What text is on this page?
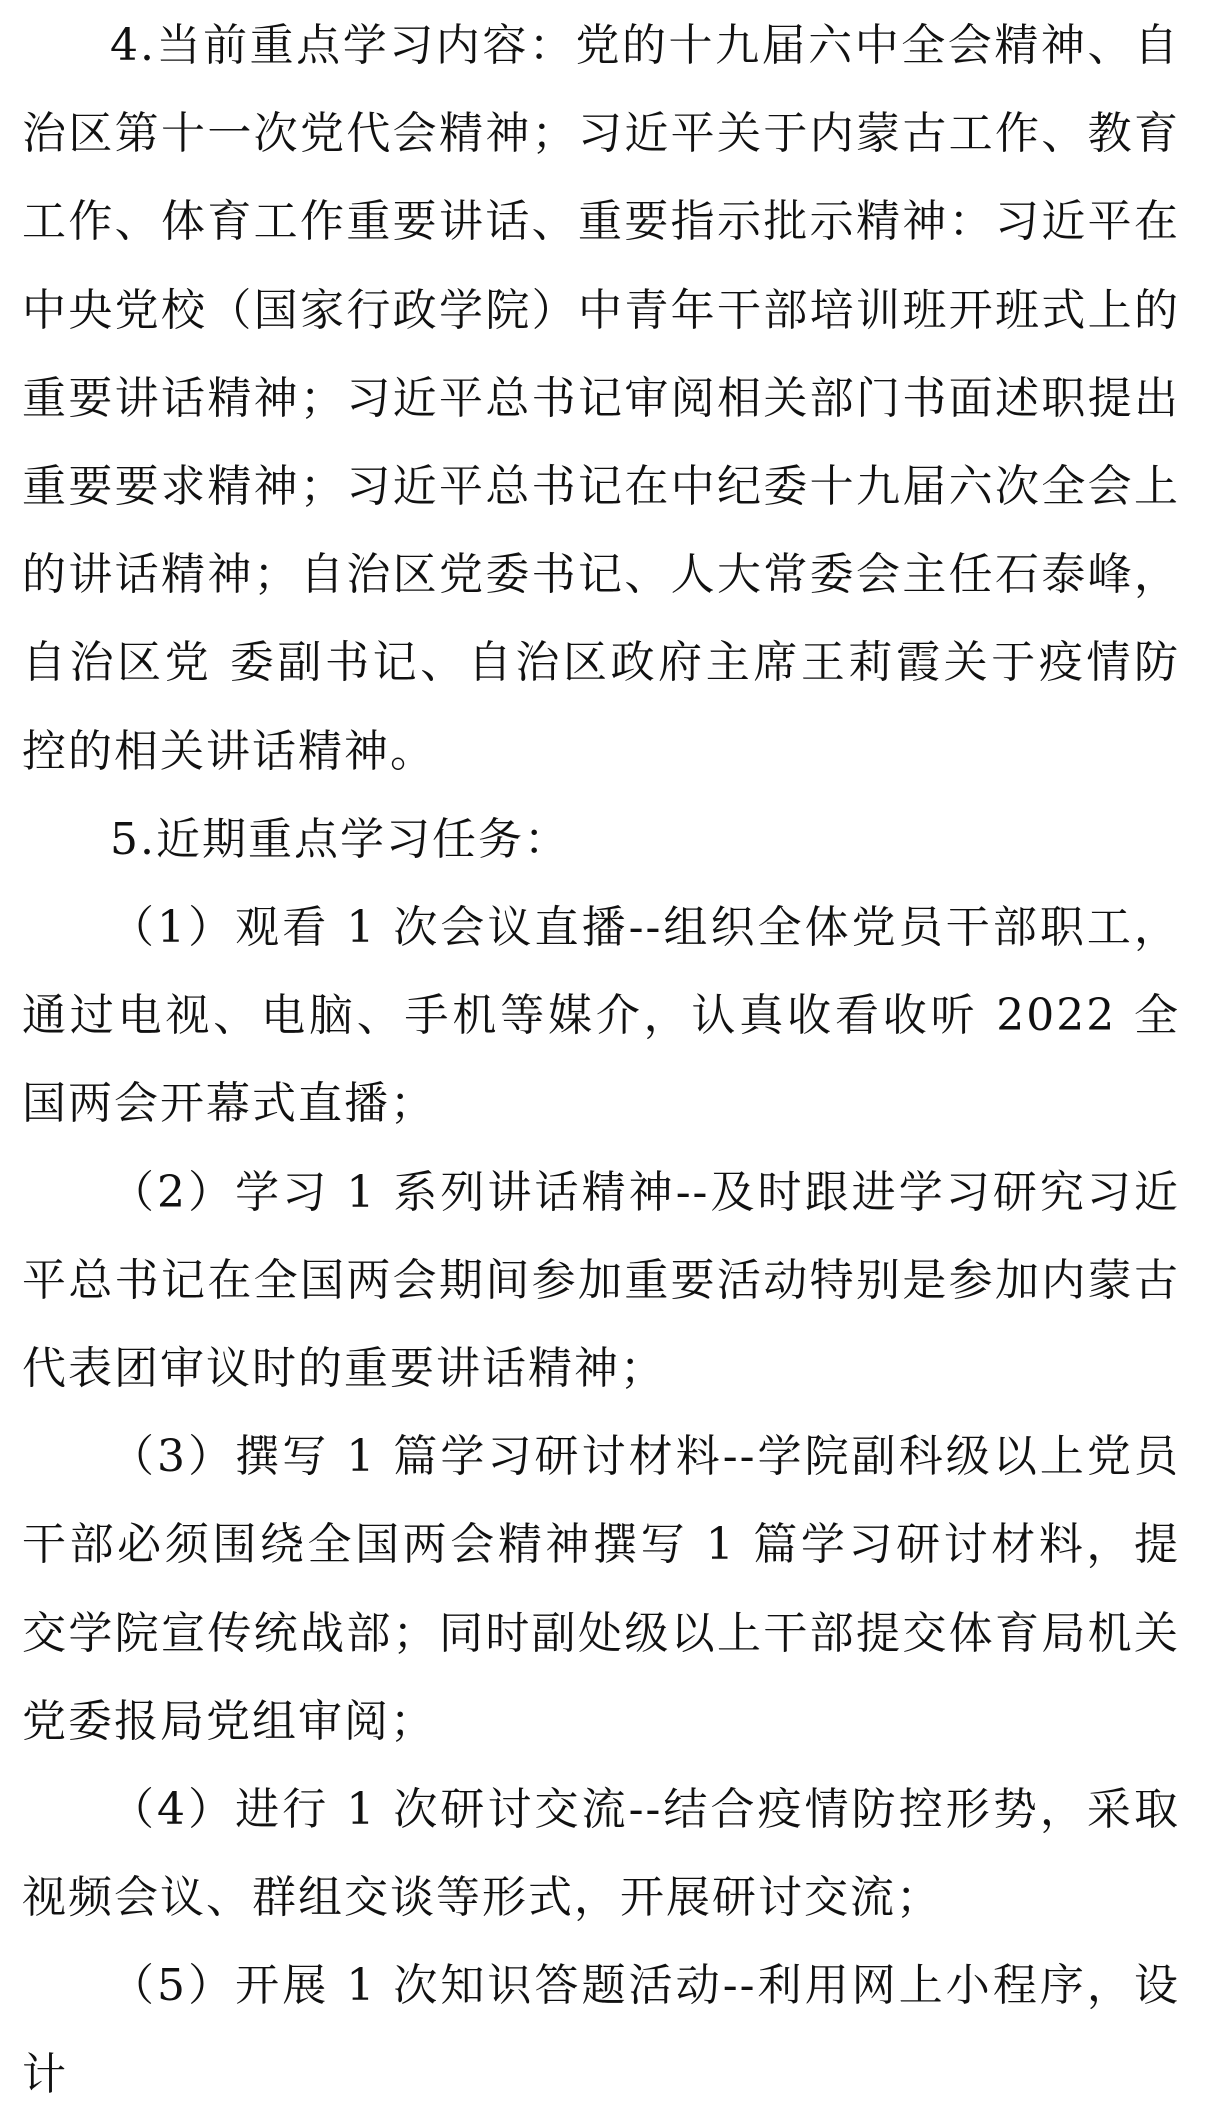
4.当前重点学习内容：党的十九届六中全会精神、自治区第十一次党代会精神；习近平关于内蒙古工作、教育工作、体育工作重要讲话、重要指示批示精神：习近平在中央党校（国家行政学院）中青年干部培训班开班式上的重要讲话精神；习近平总书记审阅相关部门书面述职提出重要要求精神；习近平总书记在中纪委十九届六次全会上的讲话精神；自治区党委书记、人大常委会主任石泰峰，自治区党 委副书记、自治区政府主席王莉霞关于疫情防控的相关讲话精神。

5.近期重点学习任务：

（1）观看 1 次会议直播--组织全体党员干部职工，通过电视、电脑、手机等媒介，认真收看收听 2022 全国两会开幕式直播；

（2）学习 1 系列讲话精神--及时跟进学习研究习近平总书记在全国两会期间参加重要活动特别是参加内蒙古代表团审议时的重要讲话精神；

（3）撰写 1 篇学习研讨材料--学院副科级以上党员干部必须围绕全国两会精神撰写 1 篇学习研讨材料，提交学院宣传统战部；同时副处级以上干部提交体育局机关党委报局党组审阅；

（4）进行 1 次研讨交流--结合疫情防控形势，采取视频会议、群组交谈等形式，开展研讨交流；

（5）开展 1 次知识答题活动--利用网上小程序，设计
